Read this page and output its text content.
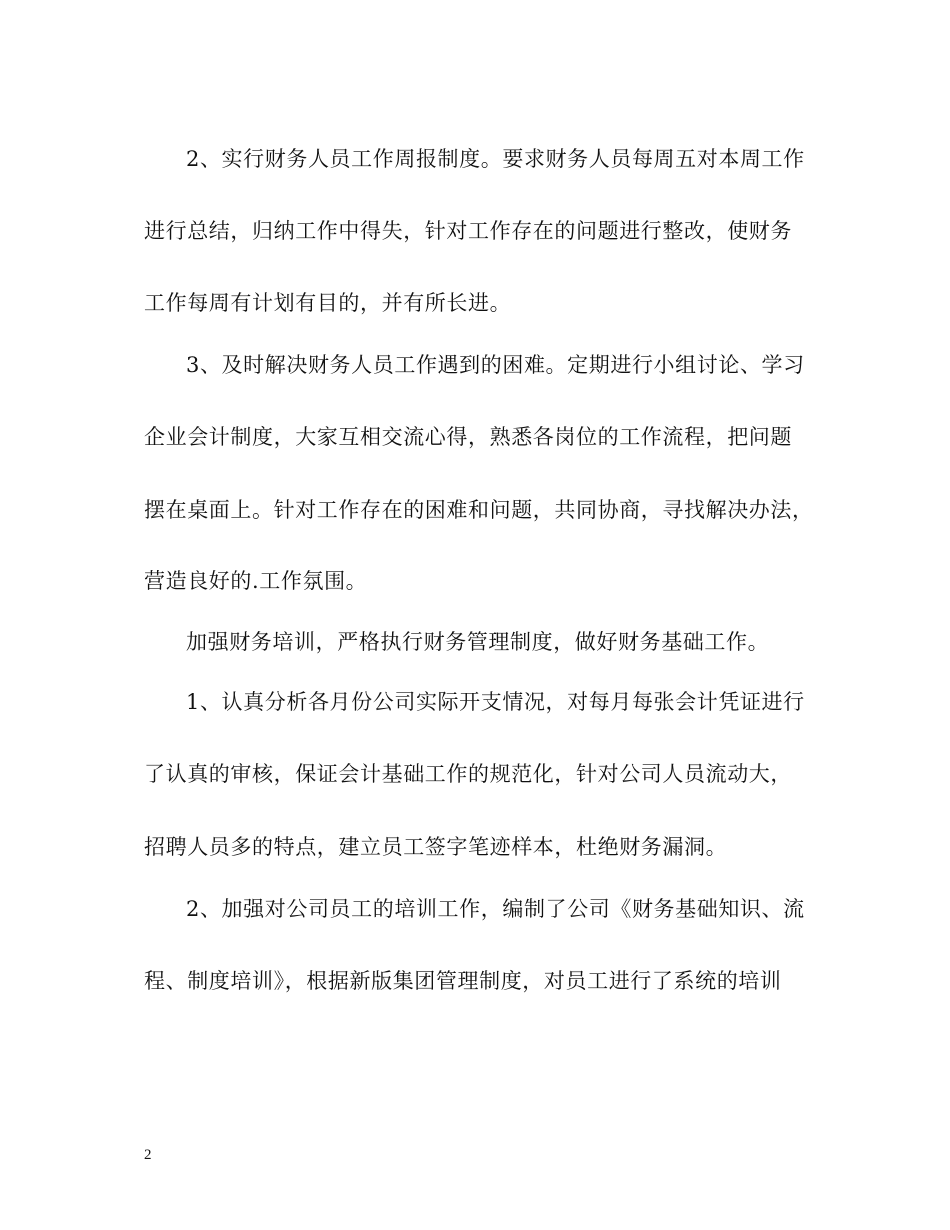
2、实行财务人员工作周报制度。要求财务人员每周五对本周工作
进行总结，归纳工作中得失，针对工作存在的问题进行整改，使财务
工作每周有计划有目的，并有所长进。
3、及时解决财务人员工作遇到的困难。定期进行小组讨论、学习
企业会计制度，大家互相交流心得，熟悉各岗位的工作流程，把问题
摆在桌面上。针对工作存在的困难和问题，共同协商，寻找解决办法，
营造良好的.工作氛围。
加强财务培训，严格执行财务管理制度，做好财务基础工作。
1、认真分析各月份公司实际开支情况，对每月每张会计凭证进行
了认真的审核，保证会计基础工作的规范化，针对公司人员流动大，
招聘人员多的特点，建立员工签字笔迹样本，杜绝财务漏洞。
2、加强对公司员工的培训工作，编制了公司《财务基础知识、流
程、制度培训》，根据新版集团管理制度，对员工进行了系统的培训
2
